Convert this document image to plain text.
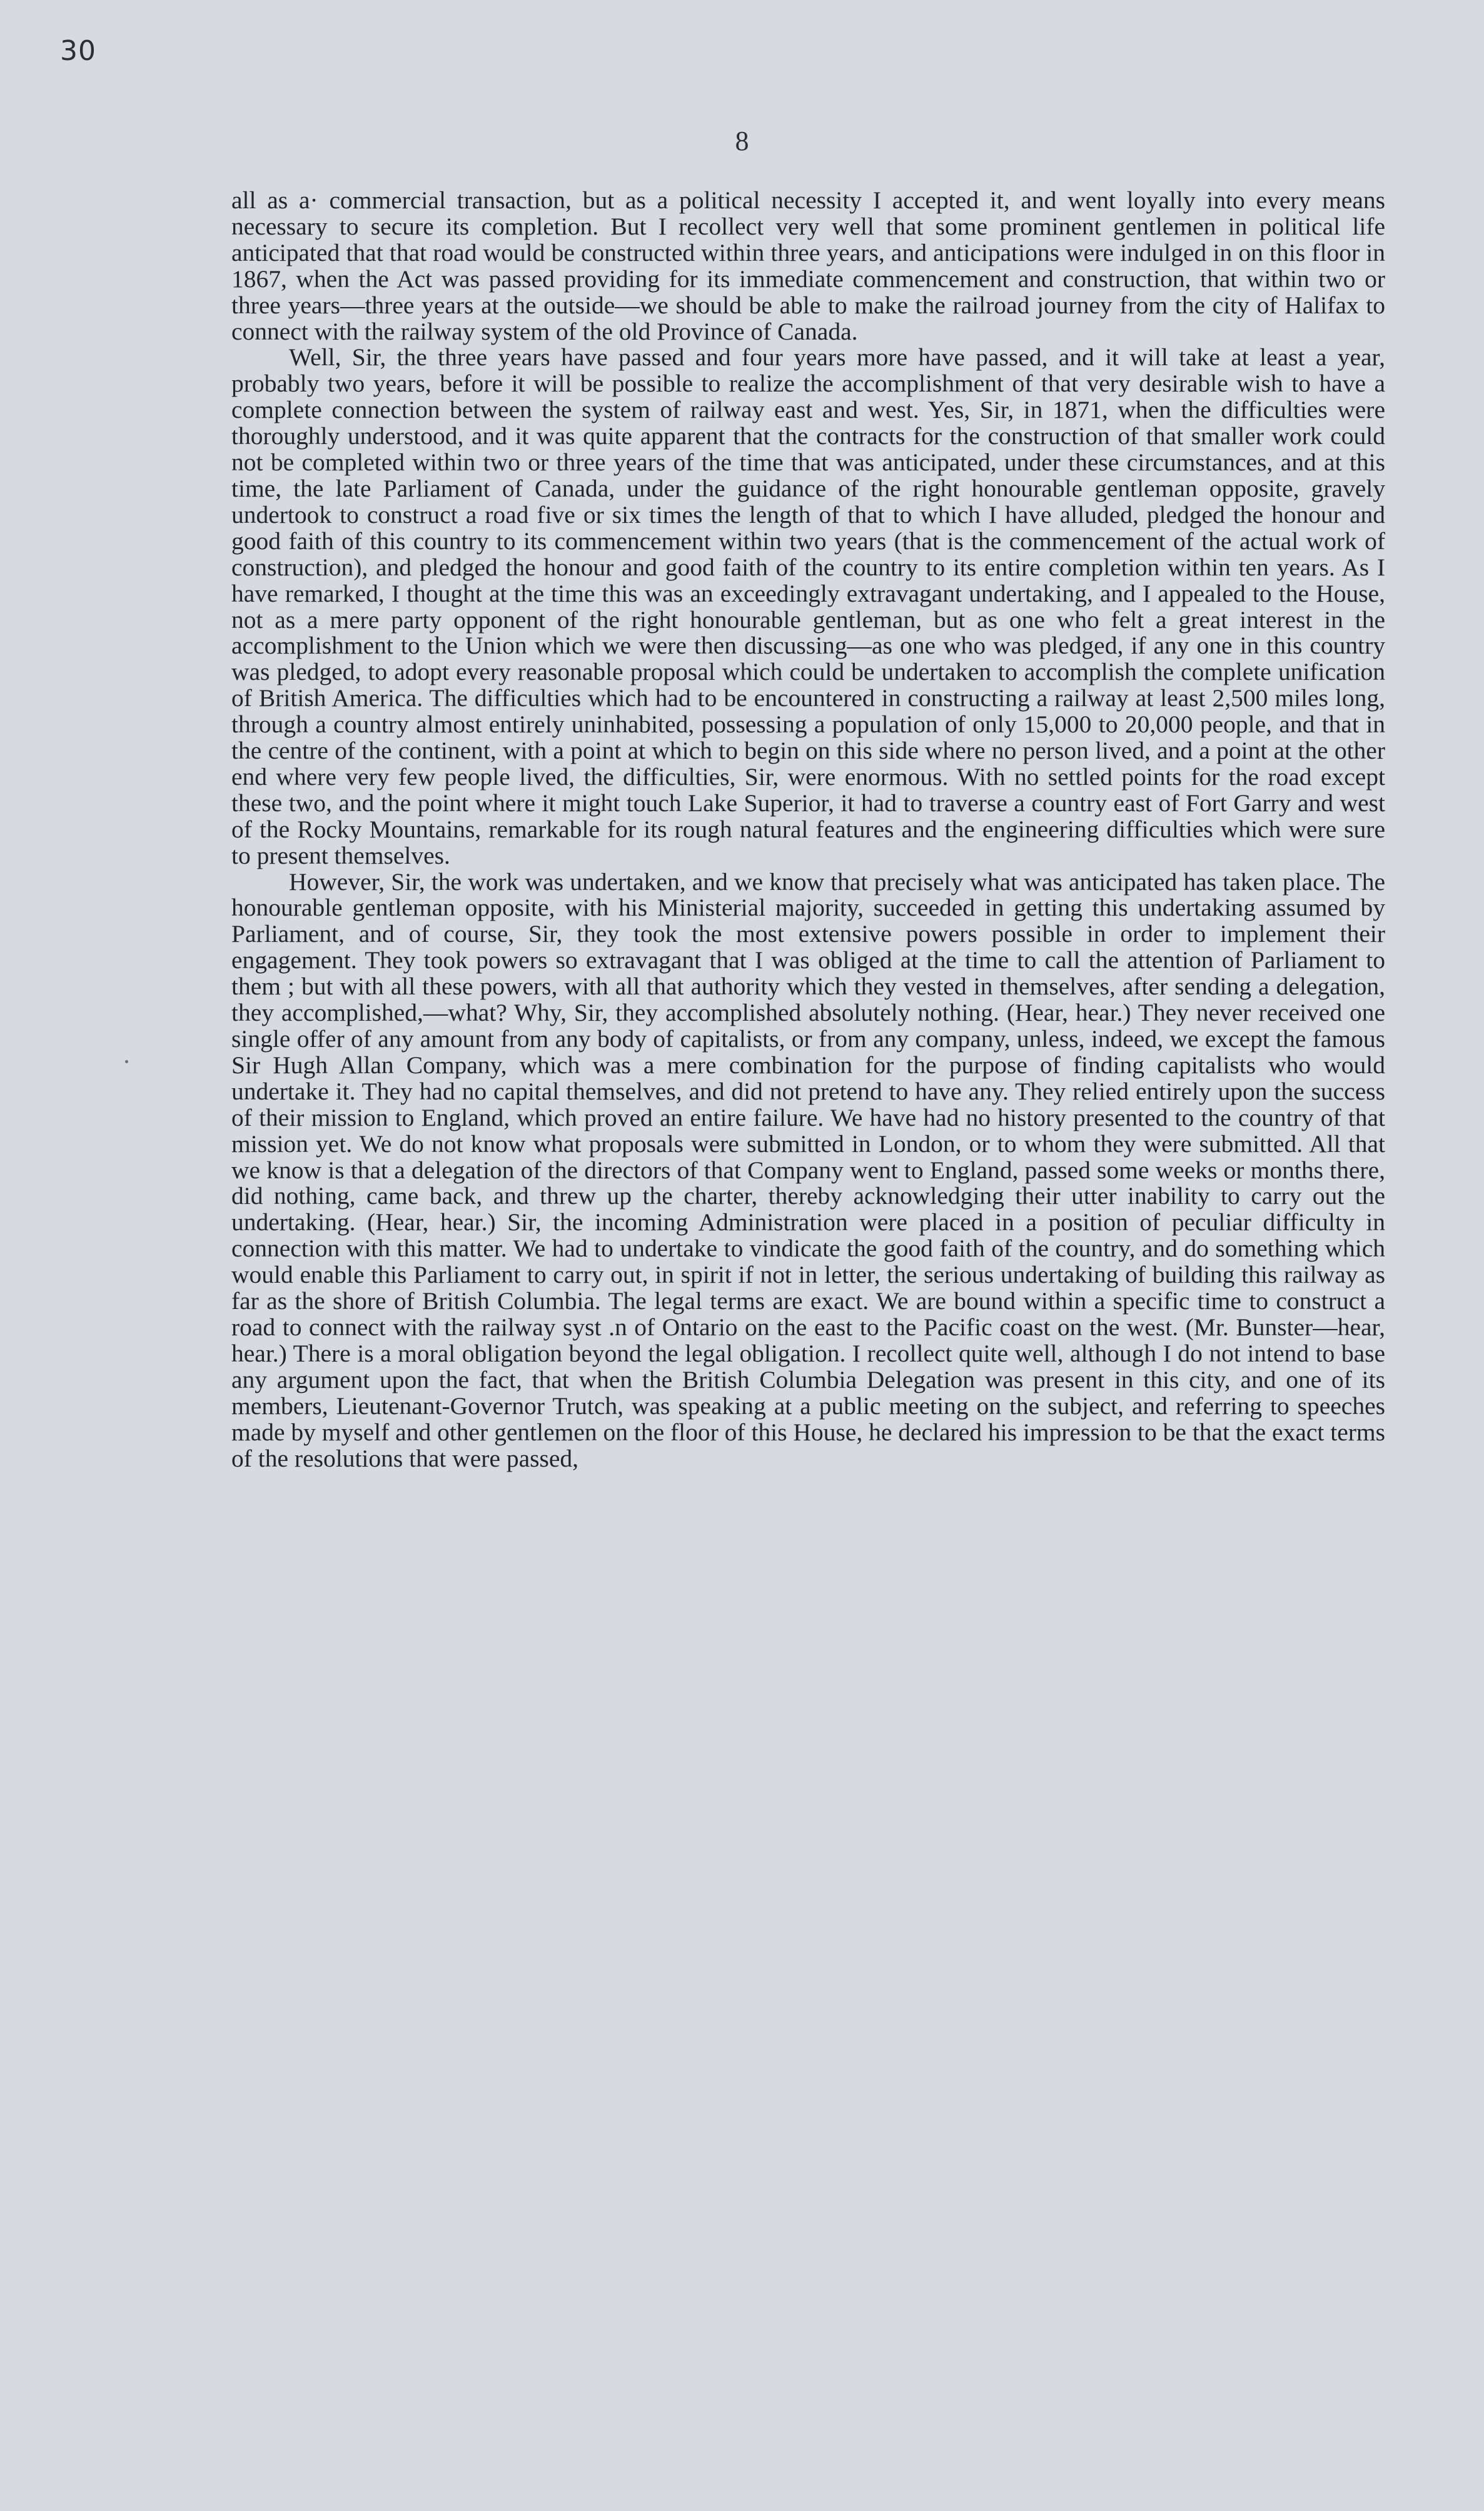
30
8

all as a· commercial transaction, but as a political necessity I accepted it, and went loyally into every means necessary to secure its completion. But I recollect very well that some prominent gentlemen in political life anticipated that that road would be constructed within three years, and anticipations were indulged in on this floor in 1867, when the Act was passed providing for its immediate commencement and construction, that within two or three years—three years at the outside—we should be able to make the railroad journey from the city of Halifax to connect with the railway system of the old Province of Canada.

Well, Sir, the three years have passed and four years more have passed, and it will take at least a year, probably two years, before it will be possible to realize the accomplishment of that very desirable wish to have a complete connection between the system of railway east and west. Yes, Sir, in 1871, when the difficulties were thoroughly understood, and it was quite apparent that the contracts for the construction of that smaller work could not be completed within two or three years of the time that was anticipated, under these circumstances, and at this time, the late Parliament of Canada, under the guidance of the right honourable gentleman opposite, gravely undertook to construct a road five or six times the length of that to which I have alluded, pledged the honour and good faith of this country to its commencement within two years (that is the commencement of the actual work of construction), and pledged the honour and good faith of the country to its entire completion within ten years. As I have remarked, I thought at the time this was an exceedingly extravagant undertaking, and I appealed to the House, not as a mere party opponent of the right honourable gentleman, but as one who felt a great interest in the accomplishment to the Union which we were then discussing—as one who was pledged, if any one in this country was pledged, to adopt every reasonable proposal which could be undertaken to accomplish the complete unification of British America. The difficulties which had to be encountered in constructing a railway at least 2,500 miles long, through a country almost entirely uninhabited, possessing a population of only 15,000 to 20,000 people, and that in the centre of the continent, with a point at which to begin on this side where no person lived, and a point at the other end where very few people lived, the difficulties, Sir, were enormous. With no settled points for the road except these two, and the point where it might touch Lake Superior, it had to traverse a country east of Fort Garry and west of the Rocky Mountains, remarkable for its rough natural features and the engineering difficulties which were sure to present themselves.

However, Sir, the work was undertaken, and we know that precisely what was anticipated has taken place. The honourable gentleman opposite, with his Ministerial majority, succeeded in getting this undertaking assumed by Parliament, and of course, Sir, they took the most extensive powers possible in order to implement their engagement. They took powers so extravagant that I was obliged at the time to call the attention of Parliament to them ; but with all these powers, with all that authority which they vested in themselves, after sending a delegation, they accomplished,—what? Why, Sir, they accomplished absolutely nothing. (Hear, hear.) They never received one single offer of any amount from any body of capitalists, or from any company, unless, indeed, we except the famous Sir Hugh Allan Company, which was a mere combination for the purpose of finding capitalists who would undertake it. They had no capital themselves, and did not pretend to have any. They relied entirely upon the success of their mission to England, which proved an entire failure. We have had no history presented to the country of that mission yet. We do not know what proposals were submitted in London, or to whom they were submitted. All that we know is that a delegation of the directors of that Company went to England, passed some weeks or months there, did nothing, came back, and threw up the charter, thereby acknowledging their utter inability to carry out the undertaking. (Hear, hear.) Sir, the incoming Administration were placed in a position of peculiar difficulty in connection with this matter. We had to undertake to vindicate the good faith of the country, and do something which would enable this Parliament to carry out, in spirit if not in letter, the serious undertaking of building this railway as far as the shore of British Columbia. The legal terms are exact. We are bound within a specific time to construct a road to connect with the railway syst .n of Ontario on the east to the Pacific coast on the west. (Mr. Bunster—hear, hear.) There is a moral obligation beyond the legal obligation. I recollect quite well, although I do not intend to base any argument upon the fact, that when the British Columbia Delegation was present in this city, and one of its members, Lieutenant-Governor Trutch, was speaking at a public meeting on the subject, and referring to speeches made by myself and other gentlemen on the floor of this House, he declared his impression to be that the exact terms of the resolutions that were passed,
